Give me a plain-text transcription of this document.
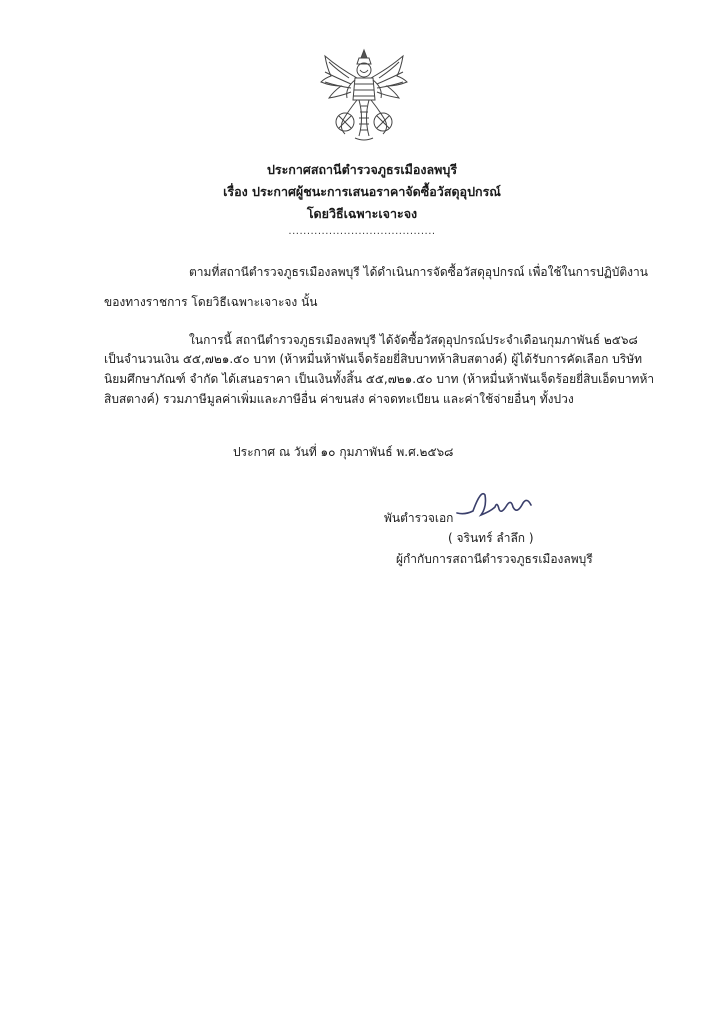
ประกาศสถานีตำรวจภูธรเมืองลพบุรี
เรื่อง ประกาศผู้ชนะการเสนอราคาจัดซื้อวัสดุอุปกรณ์
โดยวิธีเฉพาะเจาะจง
........................................
ตามที่สถานีตำรวจภูธรเมืองลพบุรี ได้ดำเนินการจัดซื้อวัสดุอุปกรณ์ เพื่อใช้ในการปฏิบัติงาน
ของทางราชการ โดยวิธีเฉพาะเจาะจง นั้น
ในการนี้ สถานีตำรวจภูธรเมืองลพบุรี ได้จัดซื้อวัสดุอุปกรณ์ประจำเดือนกุมภาพันธ์ ๒๕๖๘
เป็นจำนวนเงิน ๕๕,๗๒๑.๕๐ บาท (ห้าหมื่นห้าพันเจ็ดร้อยยี่สิบบาทห้าสิบสตางค์) ผู้ได้รับการคัดเลือก บริษัท
นิยมศึกษาภัณฑ์ จำกัด ได้เสนอราคา เป็นเงินทั้งสิ้น ๕๕,๗๒๑.๕๐ บาท (ห้าหมื่นห้าพันเจ็ดร้อยยี่สิบเอ็ดบาทห้า
สิบสตางค์) รวมภาษีมูลค่าเพิ่มและภาษีอื่น ค่าขนส่ง ค่าจดทะเบียน และค่าใช้จ่ายอื่นๆ ทั้งปวง
ประกาศ ณ วันที่ ๑๐ กุมภาพันธ์ พ.ศ.๒๕๖๘
พันตำรวจเอก
( จรินทร์ ลำลึก )
ผู้กำกับการสถานีตำรวจภูธรเมืองลพบุรี
